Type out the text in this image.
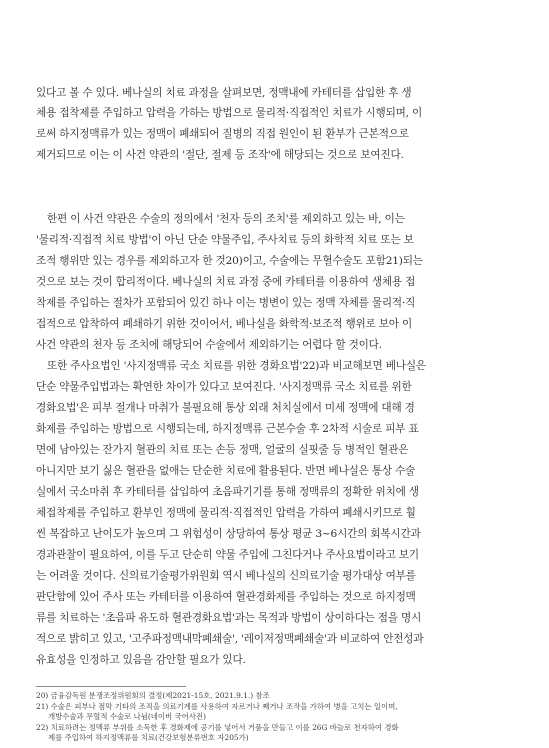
있다고 볼 수 있다. 베나실의 치료 과정을 살펴보면, 정맥내에 카테터를 삽입한 후 생
체용 접착제를 주입하고 압력을 가하는 방법으로 물리적·직접적인 치료가 시행되며, 이
로써 하지정맥류가 있는 정맥이 폐쇄되어 질병의 직접 원인이 된 환부가 근본적으로
제거되므로 이는 이 사건 약관의 '절단, 절제 등 조작'에 해당되는 것으로 보여진다.
한편 이 사건 약관은 수술의 정의에서 '천자 등의 조치'를 제외하고 있는 바, 이는
'물리적·직접적 치료 방법'이 아닌 단순 약물주입, 주사치료 등의 화학적 치료 또는 보
조적 행위만 있는 경우를 제외하고자 한 것20)이고, 수술에는 무혈수술도 포함21)되는
것으로 보는 것이 합리적이다. 베나실의 치료 과정 중에 카테터를 이용하여 생체용 접
착제를 주입하는 절차가 포함되어 있긴 하나 이는 병변이 있는 정맥 자체를 물리적·직
접적으로 압착하여 폐쇄하기 위한 것이어서, 베나실을 화학적·보조적 행위로 보아 이
사건 약관의 천자 등 조치에 해당되어 수술에서 제외하기는 어렵다 할 것이다.
또한 주사요법인 '사지정맥류 국소 치료를 위한 경화요법'22)과 비교해보면 베나실은
단순 약물주입법과는 확연한 차이가 있다고 보여진다. '사지정맥류 국소 치료를 위한
경화요법'은 피부 절개나 마취가 불필요해 통상 외래 처치실에서 미세 정맥에 대해 경
화제를 주입하는 방법으로 시행되는데, 하지정맥류 근본수술 후 2차적 시술로 피부 표
면에 남아있는 잔가지 혈관의 치료 또는 손등 정맥, 얼굴의 실핏줄 등 병적인 혈관은
아니지만 보기 싫은 혈관을 없애는 단순한 치료에 활용된다. 반면 베나실은 통상 수술
실에서 국소마취 후 카테터를 삽입하여 초음파기기를 통해 정맥류의 정확한 위치에 생
체접착제를 주입하고 환부인 정맥에 물리적·직접적인 압력을 가하여 폐쇄시키므로 훨
씬 복잡하고 난이도가 높으며 그 위험성이 상당하여 통상 평균 3~6시간의 회복시간과
경과관찰이 필요하여, 이를 두고 단순히 약물 주입에 그친다거나 주사요법이라고 보기
는 어려울 것이다. 신의료기술평가위원회 역시 베나실의 신의료기술 평가대상 여부를
판단함에 있어 주사 또는 카테터를 이용하여 혈관경화제를 주입하는 것으로 하지정맥
류를 치료하는 '초음파 유도하 혈관경화요법'과는 목적과 방법이 상이하다는 점을 명시
적으로 밝히고 있고, '고주파정맥내막폐쇄술', '레이저정맥폐쇄술'과 비교하여 안전성과
유효성을 인정하고 있음을 감안할 필요가 있다.
20) 금융감독원 분쟁조정위원회의 결정(제2021-15호, 2021.9.1.) 참조
21) 수술은 피부나 점막 기타의 조직을 의료기계를 사용하여 자르거나 째거나 조작을 가하여 병을 고치는 일이며,
개방수술과 무혈적 수술로 나뉨(네이버 국어사전)
22) 치료하려는 정맥류 부위를 소독한 후 경화제에 공기를 넣어서 거품을 만들고 이를 26G 바늘로 천자하여 경화
제를 주입하여 하지정맥류를 치료(건강보험분류번호 자205가)
